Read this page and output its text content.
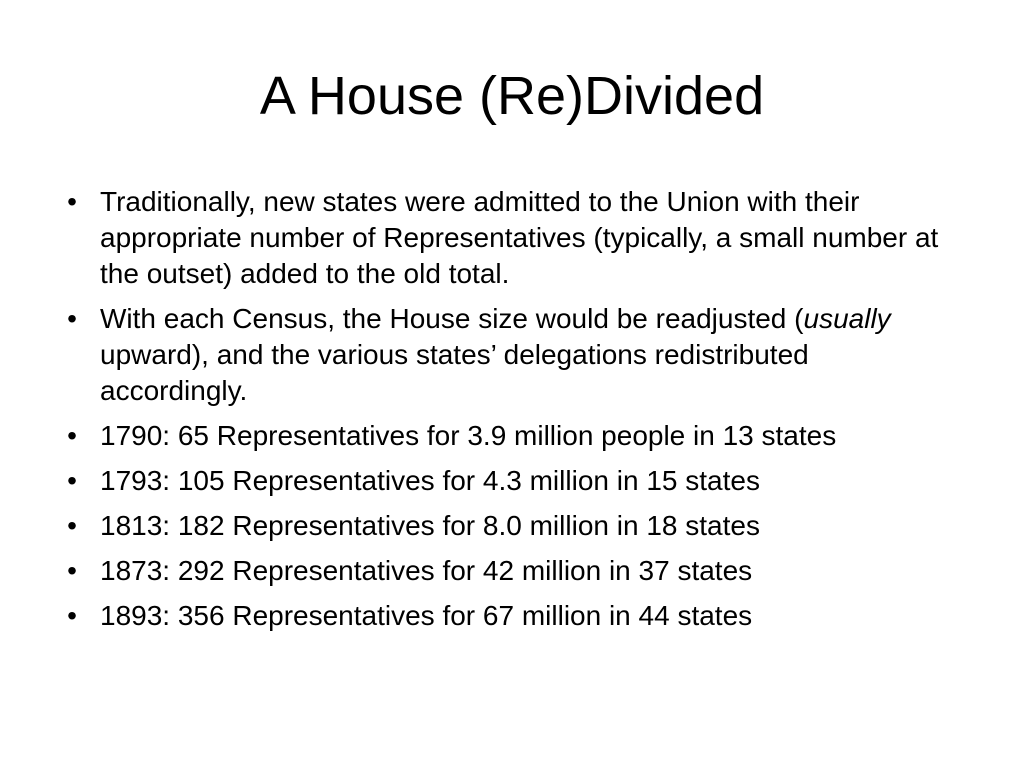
A House (Re)Divided
• Traditionally, new states were admitted to the Union with their appropriate number of Representatives (typically, a small number at the outset) added to the old total.
• With each Census, the House size would be readjusted (usually upward), and the various states’ delegations redistributed accordingly.
• 1790: 65 Representatives for 3.9 million people in 13 states
• 1793: 105 Representatives for 4.3 million in 15 states
• 1813: 182 Representatives for 8.0 million in 18 states
• 1873: 292 Representatives for 42 million in 37 states
• 1893: 356 Representatives for 67 million in 44 states
